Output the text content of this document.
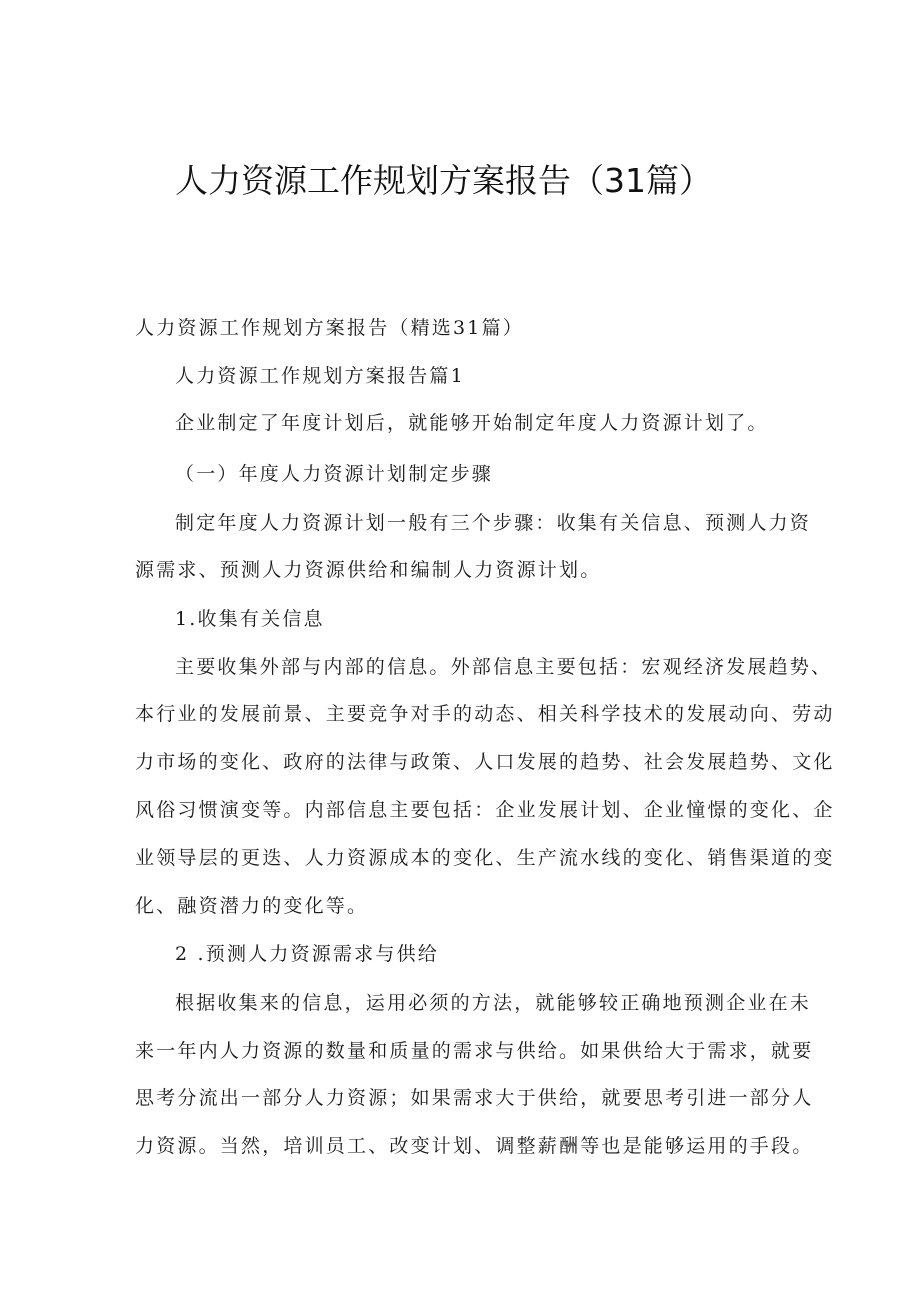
人力资源工作规划方案报告（31篇）

人力资源工作规划方案报告（精选31篇）

人力资源工作规划方案报告篇1

企业制定了年度计划后，就能够开始制定年度人力资源计划了。

（一）年度人力资源计划制定步骤

制定年度人力资源计划一般有三个步骤：收集有关信息、预测人力资

源需求、预测人力资源供给和编制人力资源计划。

1.收集有关信息

主要收集外部与内部的信息。外部信息主要包括：宏观经济发展趋势、

本行业的发展前景、主要竞争对手的动态、相关科学技术的发展动向、劳动

力市场的变化、政府的法律与政策、人口发展的趋势、社会发展趋势、文化

风俗习惯演变等。内部信息主要包括：企业发展计划、企业憧憬的变化、企

业领导层的更迭、人力资源成本的变化、生产流水线的变化、销售渠道的变

化、融资潜力的变化等。

2 .预测人力资源需求与供给

根据收集来的信息，运用必须的方法，就能够较正确地预测企业在未

来一年内人力资源的数量和质量的需求与供给。如果供给大于需求，就要

思考分流出一部分人力资源；如果需求大于供给，就要思考引进一部分人

力资源。当然，培训员工、改变计划、调整薪酬等也是能够运用的手段。
